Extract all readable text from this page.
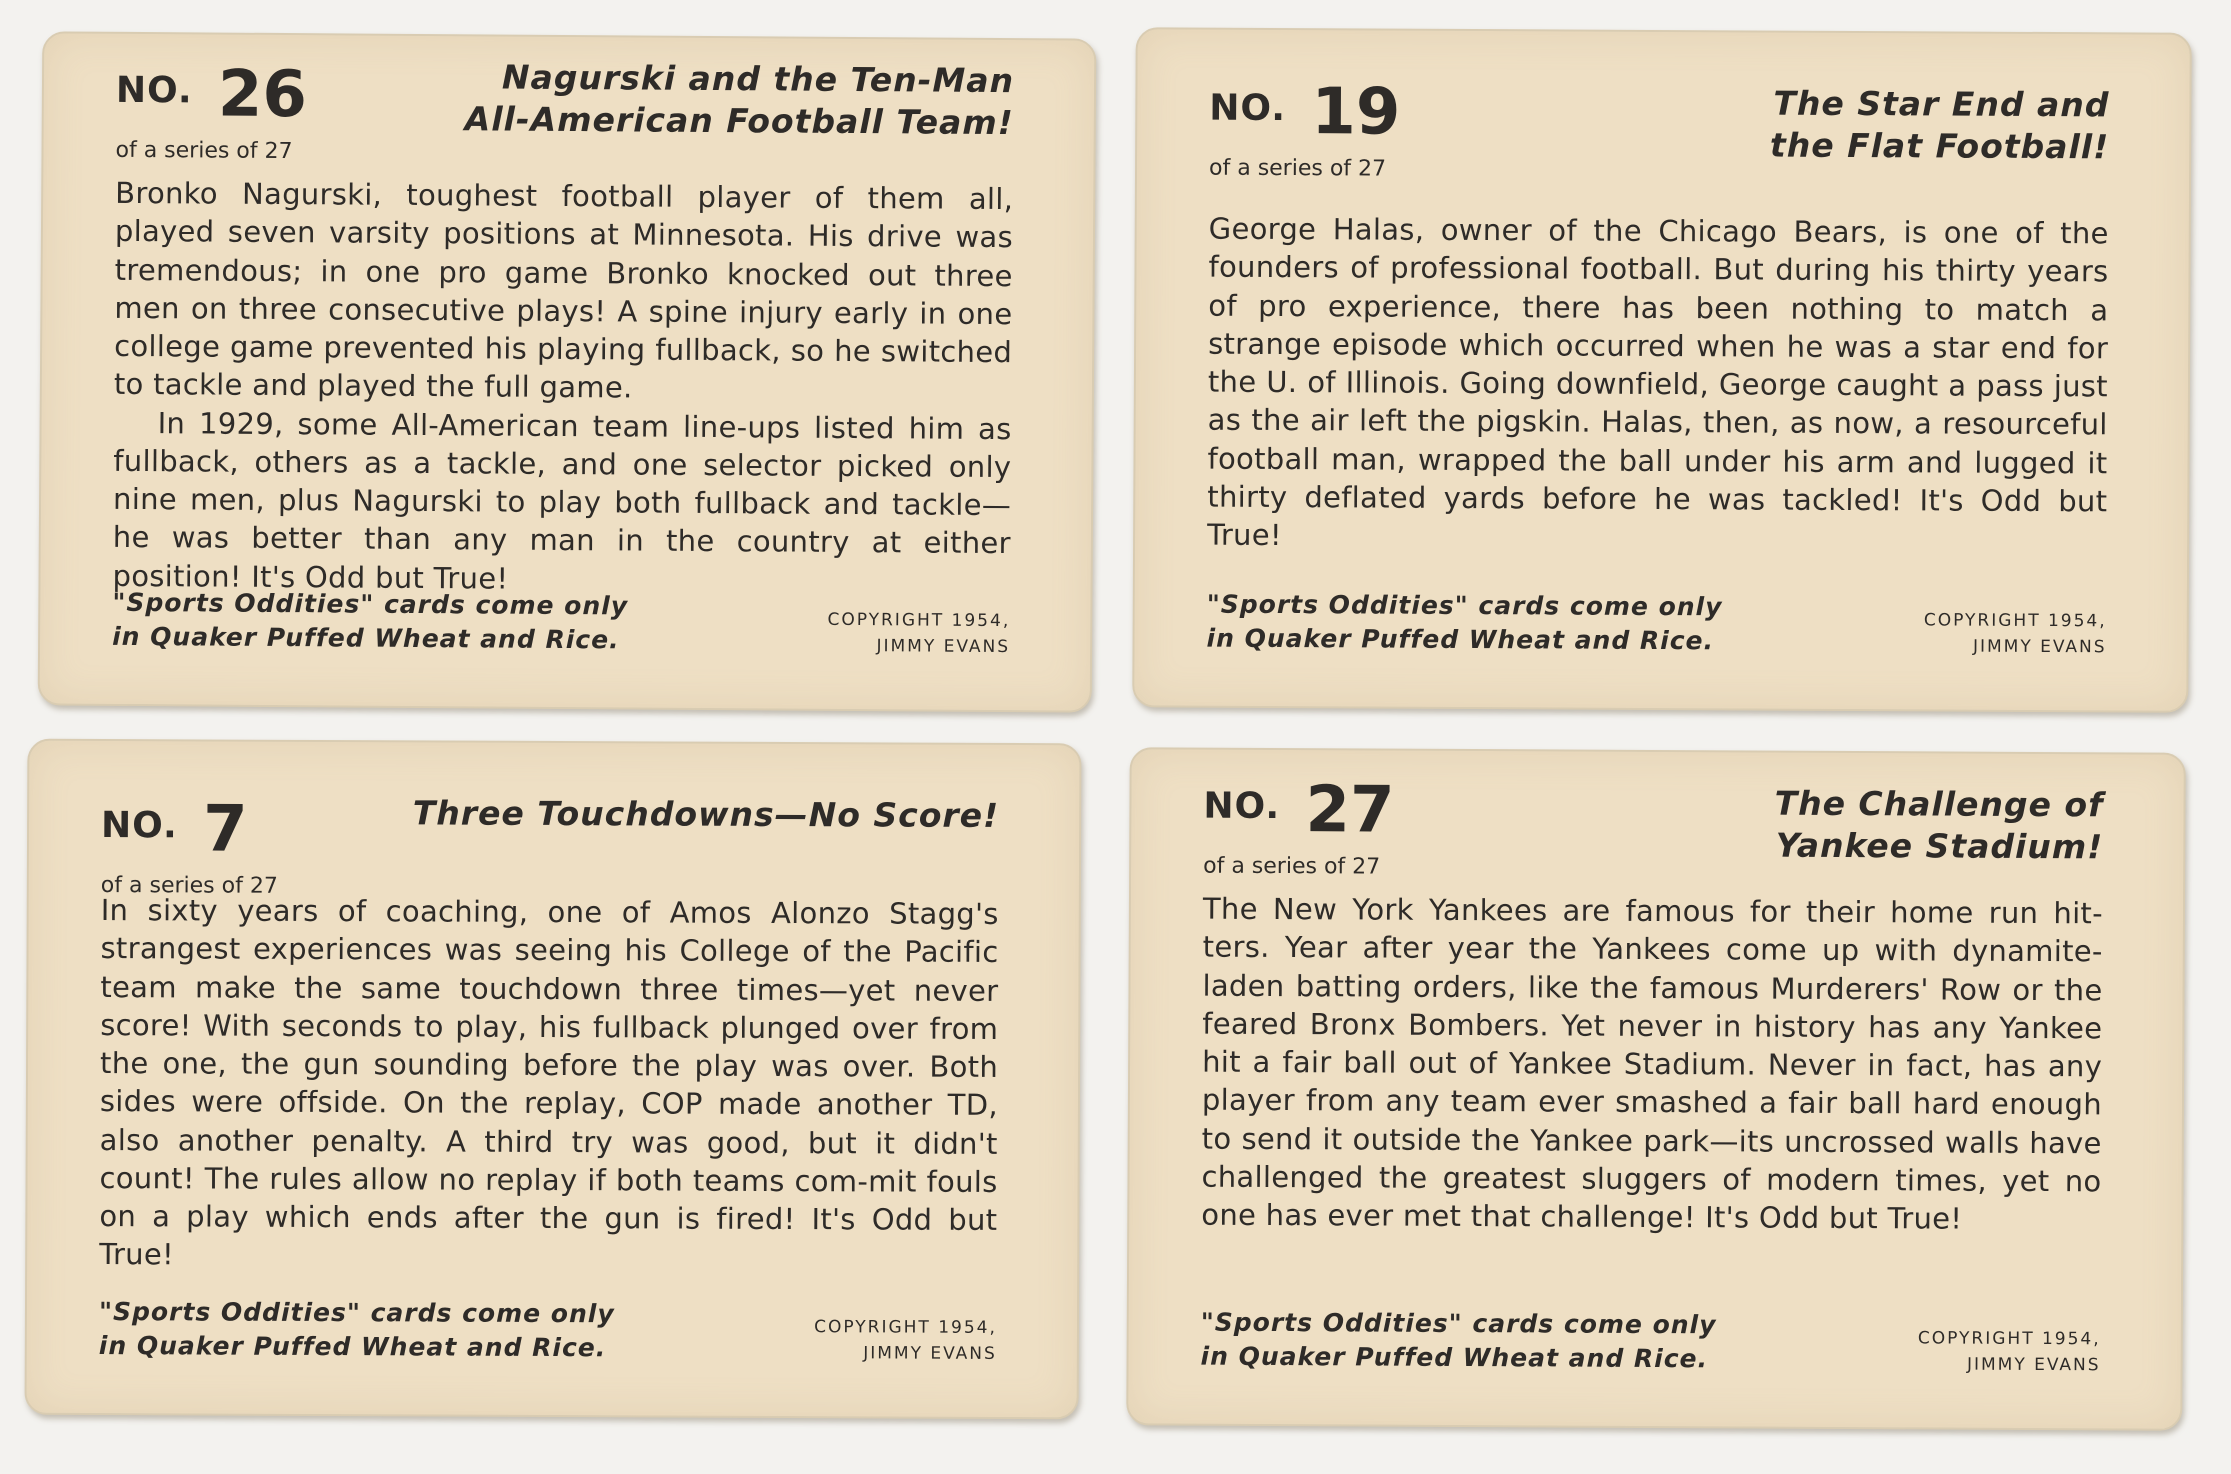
NO. 26
of a series of 27
Nagurski and the Ten-Man
All-American Football Team!

Bronko Nagurski, toughest football player of them all, played seven varsity positions at Minnesota. His drive was tremendous; in one pro game Bronko knocked out three men on three consecutive plays! A spine injury early in one college game prevented his playing fullback, so he switched to tackle and played the full game.

In 1929, some All-American team line-ups listed him as fullback, others as a tackle, and one selector picked only nine men, plus Nagurski to play both fullback and tackle—he was better than any man in the country at either position! It's Odd but True!

"Sports Oddities" cards come only
in Quaker Puffed Wheat and Rice.
COPYRIGHT 1954,
JIMMY EVANS
NO. 19
of a series of 27
The Star End and
the Flat Football!

George Halas, owner of the Chicago Bears, is one of the founders of professional football. But during his thirty years of pro experience, there has been nothing to match a strange episode which occurred when he was a star end for the U. of Illinois. Going downfield, George caught a pass just as the air left the pigskin. Halas, then, as now, a resourceful football man, wrapped the ball under his arm and lugged it thirty deflated yards before he was tackled! It's Odd but True!

"Sports Oddities" cards come only
in Quaker Puffed Wheat and Rice.
COPYRIGHT 1954,
JIMMY EVANS
NO. 7
of a series of 27
Three Touchdowns—No Score!

In sixty years of coaching, one of Amos Alonzo Stagg's strangest experiences was seeing his College of the Pacific team make the same touchdown three times—yet never score! With seconds to play, his fullback plunged over from the one, the gun sounding before the play was over. Both sides were offside. On the replay, COP made another TD, also another penalty. A third try was good, but it didn't count! The rules allow no replay if both teams com-mit fouls on a play which ends after the gun is fired! It's Odd but True!

"Sports Oddities" cards come only
in Quaker Puffed Wheat and Rice.
COPYRIGHT 1954,
JIMMY EVANS
NO. 27
of a series of 27
The Challenge of
Yankee Stadium!

The New York Yankees are famous for their home run hit-ters. Year after year the Yankees come up with dynamite-laden batting orders, like the famous Murderers' Row or the feared Bronx Bombers. Yet never in history has any Yankee hit a fair ball out of Yankee Stadium. Never in fact, has any player from any team ever smashed a fair ball hard enough to send it outside the Yankee park—its uncrossed walls have challenged the greatest sluggers of modern times, yet no one has ever met that challenge! It's Odd but True!

"Sports Oddities" cards come only
in Quaker Puffed Wheat and Rice.
COPYRIGHT 1954,
JIMMY EVANS
